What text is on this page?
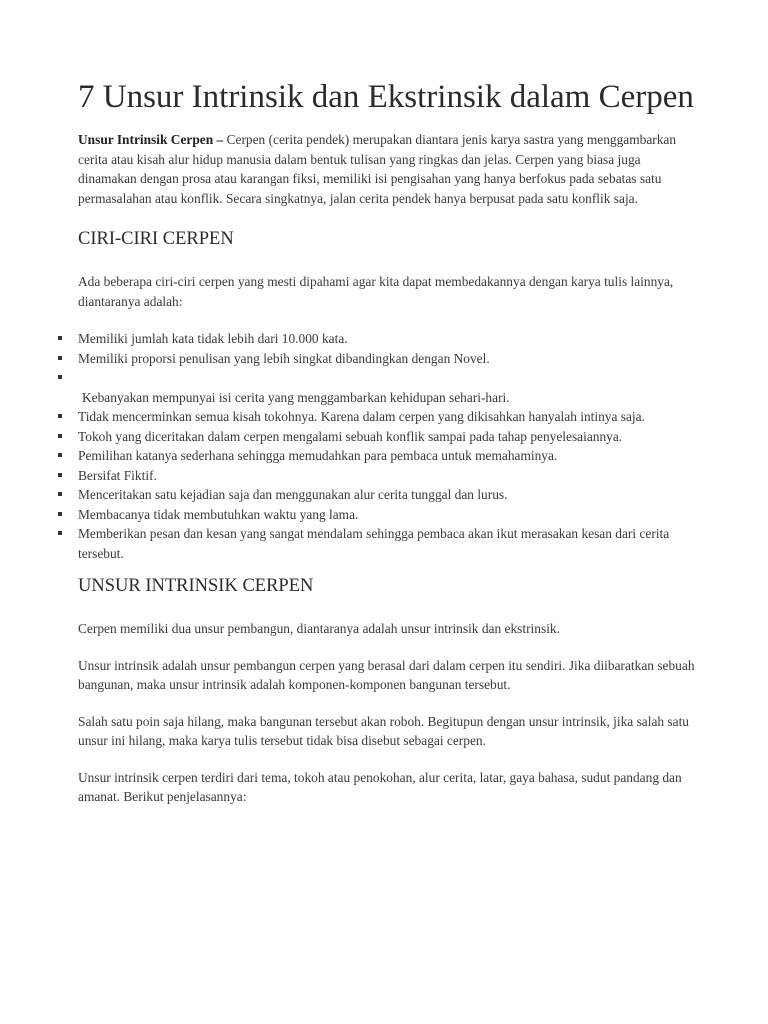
7 Unsur Intrinsik dan Ekstrinsik dalam Cerpen

Unsur Intrinsik Cerpen – Cerpen (cerita pendek) merupakan diantara jenis karya sastra yang menggambarkan cerita atau kisah alur hidup manusia dalam bentuk tulisan yang ringkas dan jelas. Cerpen yang biasa juga dinamakan dengan prosa atau karangan fiksi, memiliki isi pengisahan yang hanya berfokus pada sebatas satu permasalahan atau konflik. Secara singkatnya, jalan cerita pendek hanya berpusat pada satu konflik saja.

CIRI-CIRI CERPEN

Ada beberapa ciri-ciri cerpen yang mesti dipahami agar kita dapat membedakannya dengan karya tulis lainnya, diantaranya adalah:

Memiliki jumlah kata tidak lebih dari 10.000 kata.
Memiliki proporsi penulisan yang lebih singkat dibandingkan dengan Novel.

Kebanyakan mempunyai isi cerita yang menggambarkan kehidupan sehari-hari.
Tidak mencerminkan semua kisah tokohnya. Karena dalam cerpen yang dikisahkan hanyalah intinya saja.
Tokoh yang diceritakan dalam cerpen mengalami sebuah konflik sampai pada tahap penyelesaiannya.
Pemilihan katanya sederhana sehingga memudahkan para pembaca untuk memahaminya.
Bersifat Fiktif.
Menceritakan satu kejadian saja dan menggunakan alur cerita tunggal dan lurus.
Membacanya tidak membutuhkan waktu yang lama.
Memberikan pesan dan kesan yang sangat mendalam sehingga pembaca akan ikut merasakan kesan dari cerita tersebut.
UNSUR INTRINSIK CERPEN

Cerpen memiliki dua unsur pembangun, diantaranya adalah unsur intrinsik dan ekstrinsik.

Unsur intrinsik adalah unsur pembangun cerpen yang berasal dari dalam cerpen itu sendiri. Jika diibaratkan sebuah bangunan, maka unsur intrinsik adalah komponen-komponen bangunan tersebut.

Salah satu poin saja hilang, maka bangunan tersebut akan roboh. Begitupun dengan unsur intrinsik, jika salah satu unsur ini hilang, maka karya tulis tersebut tidak bisa disebut sebagai cerpen.

Unsur intrinsik cerpen terdiri dari tema, tokoh atau penokohan, alur cerita, latar, gaya bahasa, sudut pandang dan amanat. Berikut penjelasannya:
